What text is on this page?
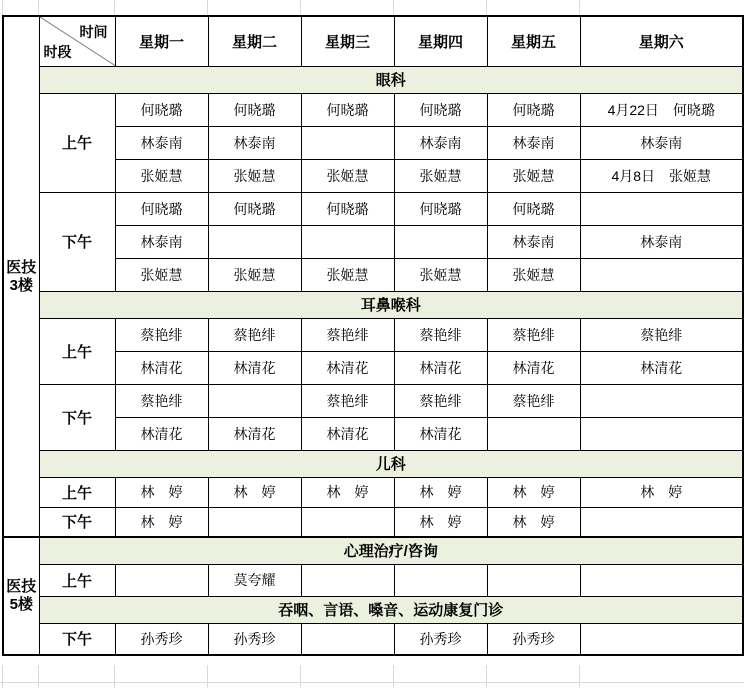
医技
3楼

时间
时段
	星期一	星期二	星期三	星期四	星期五	星期六
	眼科						
	上午	何晓璐	何晓璐	何晓璐	何晓璐	何晓璐	4月22日　何晓璐
		林泰南	林泰南		林泰南	林泰南	林泰南
		张姬慧	张姬慧	张姬慧	张姬慧	张姬慧	4月8日　张姬慧
	下午	何晓璐	何晓璐	何晓璐	何晓璐	何晓璐	
		林泰南				林泰南	林泰南
		张姬慧	张姬慧	张姬慧	张姬慧	张姬慧	
	耳鼻喉科						
	上午	蔡艳绯	蔡艳绯	蔡艳绯	蔡艳绯	蔡艳绯	蔡艳绯
		林清花	林清花	林清花	林清花	林清花	林清花
	下午	蔡艳绯		蔡艳绯	蔡艳绯	蔡艳绯	
		林清花	林清花	林清花	林清花		
	儿科						
	上午	林　婷	林　婷	林　婷	林　婷	林　婷	林　婷
	下午	林　婷			林　婷	林　婷	

医技
5楼	心理治疗/咨询						
	上午		莫夸耀				
	吞咽、言语、嗓音、运动康复门诊						
	下午	孙秀珍	孙秀珍		孙秀珍	孙秀珍	
